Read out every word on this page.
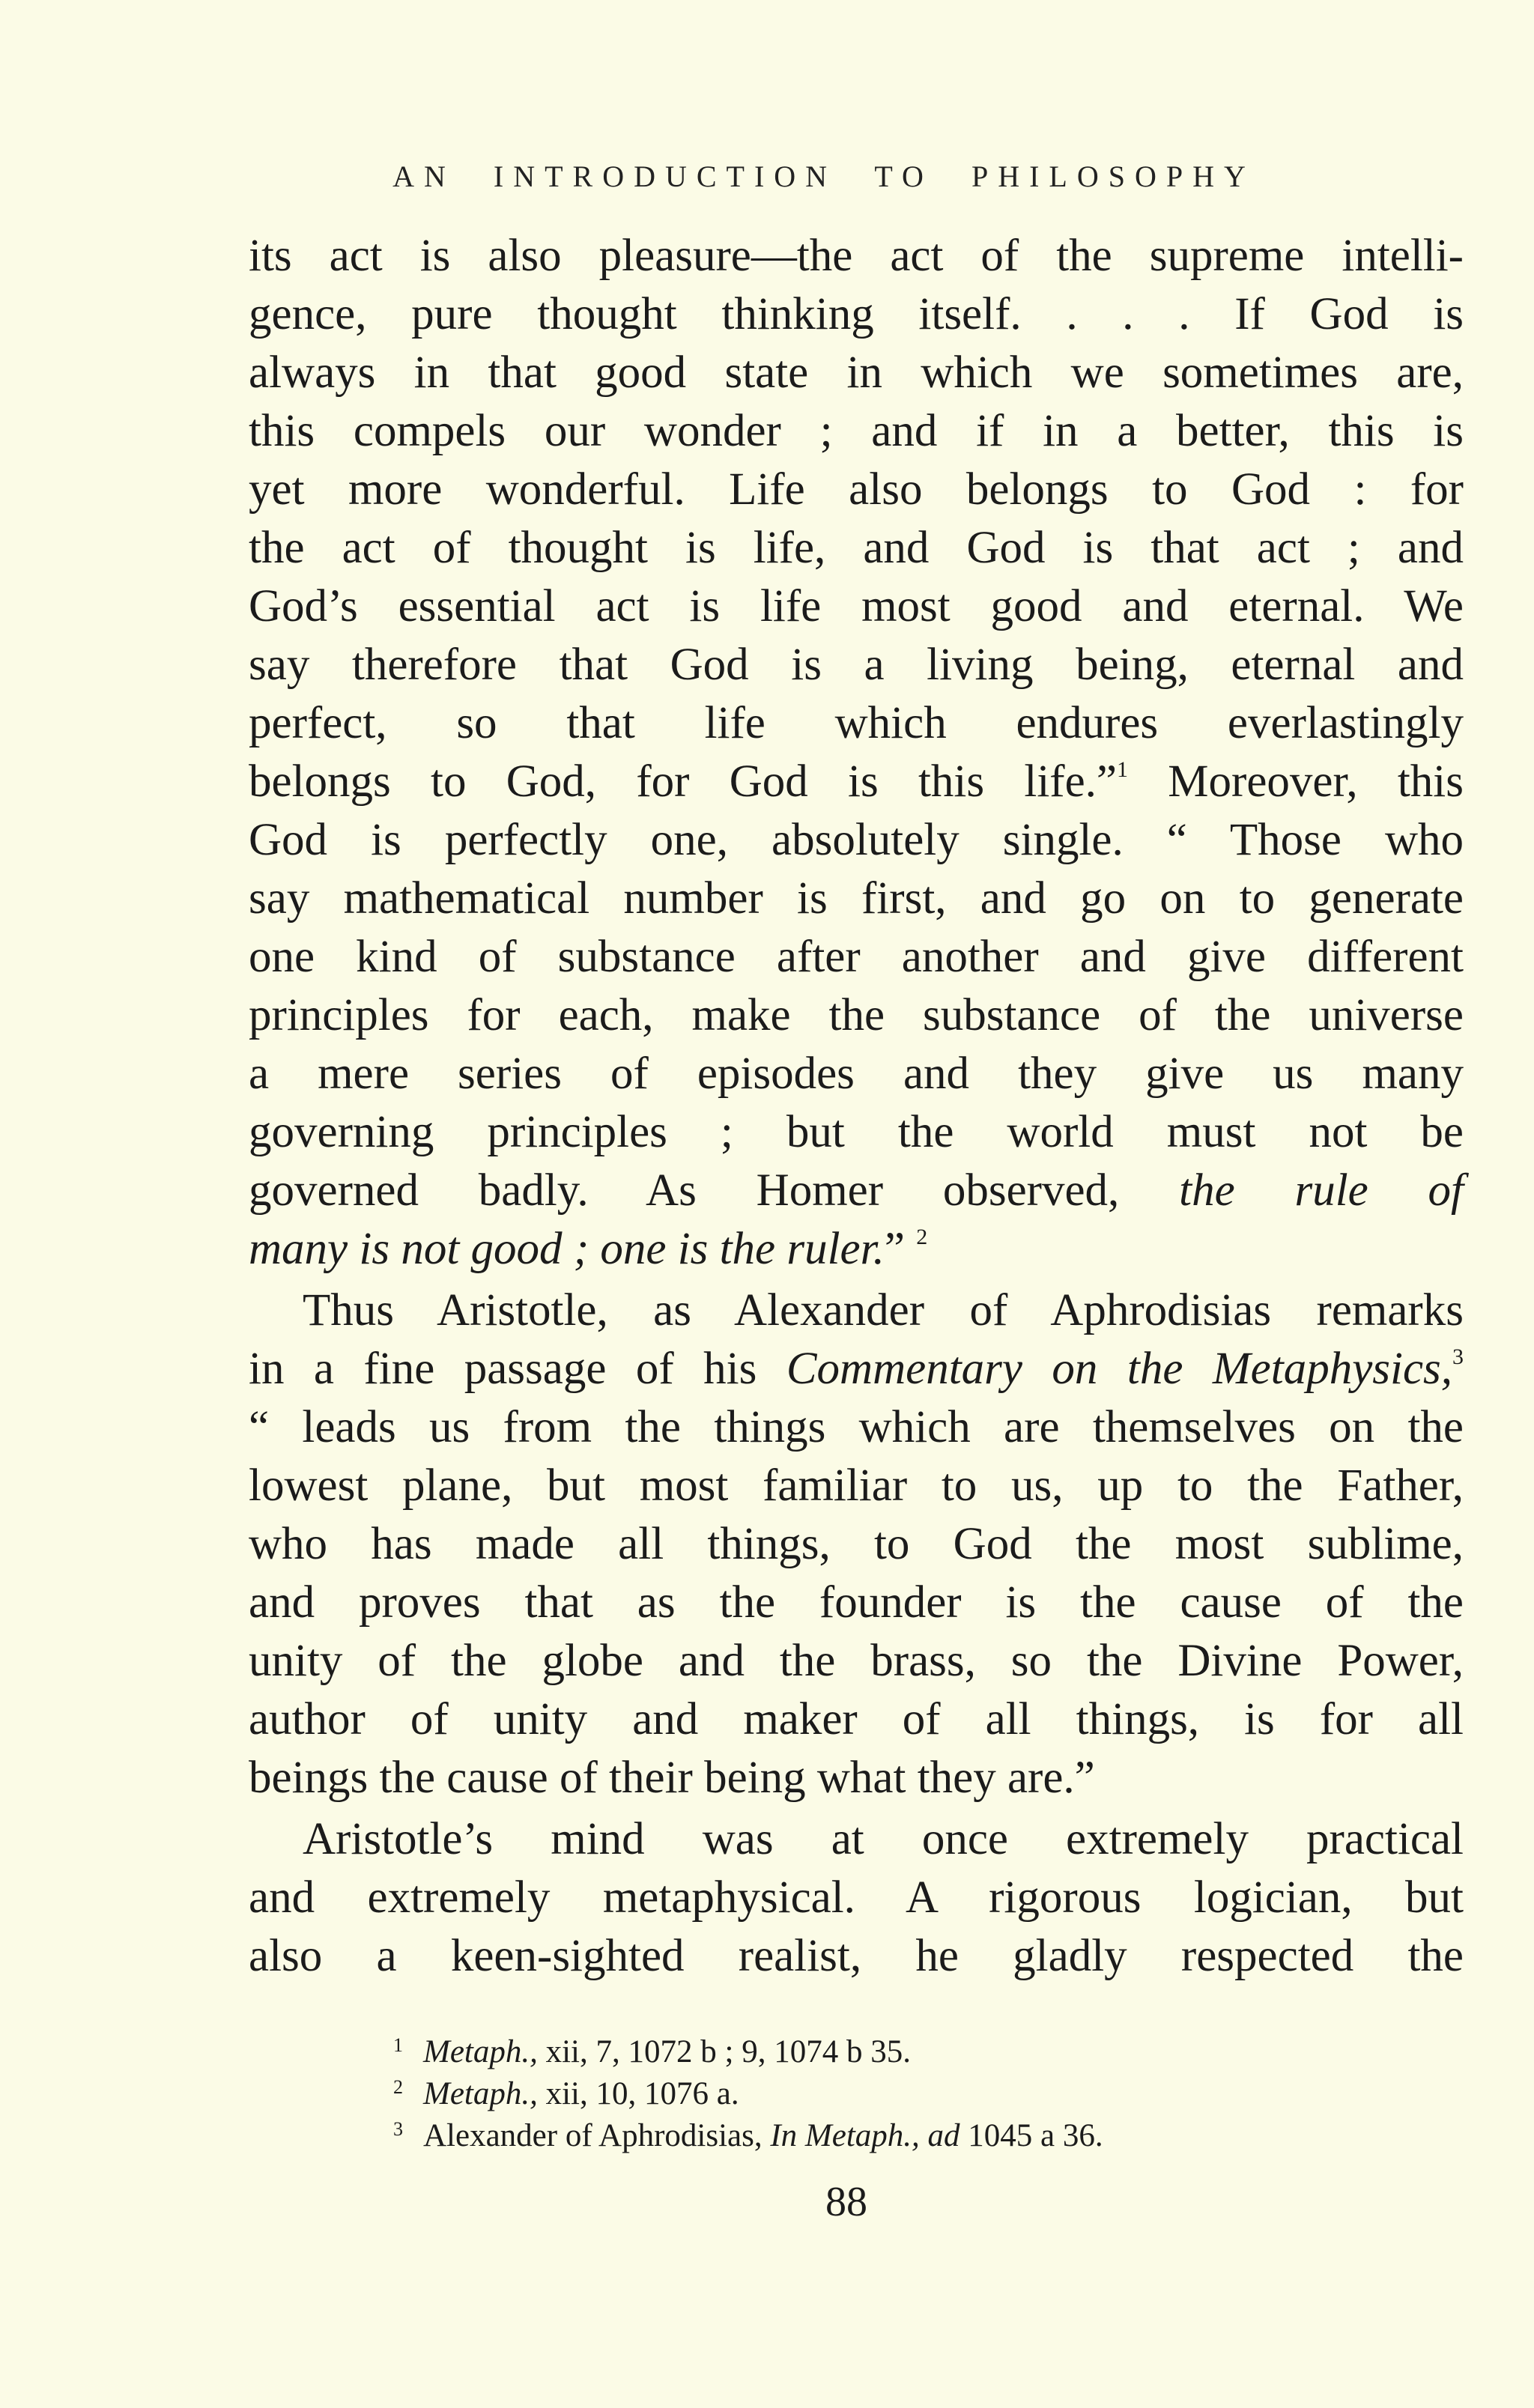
AN INTRODUCTION TO PHILOSOPHY
its act is also pleasure—the act of the supreme intelli-
gence, pure thought thinking itself. . . . If God is
always in that good state in which we sometimes are,
this compels our wonder ; and if in a better, this is
yet more wonderful. Life also belongs to God : for
the act of thought is life, and God is that act ; and
God’s essential act is life most good and eternal. We
say therefore that God is a living being, eternal and
perfect, so that life which endures everlastingly
belongs to God, for God is this life.”$^1$ Moreover, this
God is perfectly one, absolutely single. “ Those who
say mathematical number is first, and go on to generate
one kind of substance after another and give different
principles for each, make the substance of the universe
a mere series of episodes and they give us many
governing principles ; but the world must not be
governed badly. As Homer observed, the rule of
many is not good ; one is the ruler.” $^2$
Thus Aristotle, as Alexander of Aphrodisias remarks
in a fine passage of his Commentary on the Metaphysics,$^3$
“ leads us from the things which are themselves on the
lowest plane, but most familiar to us, up to the Father,
who has made all things, to God the most sublime,
and proves that as the founder is the cause of the
unity of the globe and the brass, so the Divine Power,
author of unity and maker of all things, is for all
beings the cause of their being what they are.”
Aristotle’s mind was at once extremely practical
and extremely metaphysical. A rigorous logician, but
also a keen-sighted realist, he gladly respected the
1 Metaph., xii, 7, 1072 b ; 9, 1074 b 35.
2 Metaph., xii, 10, 1076 a.
3 Alexander of Aphrodisias, In Metaph., ad 1045 a 36.
88
